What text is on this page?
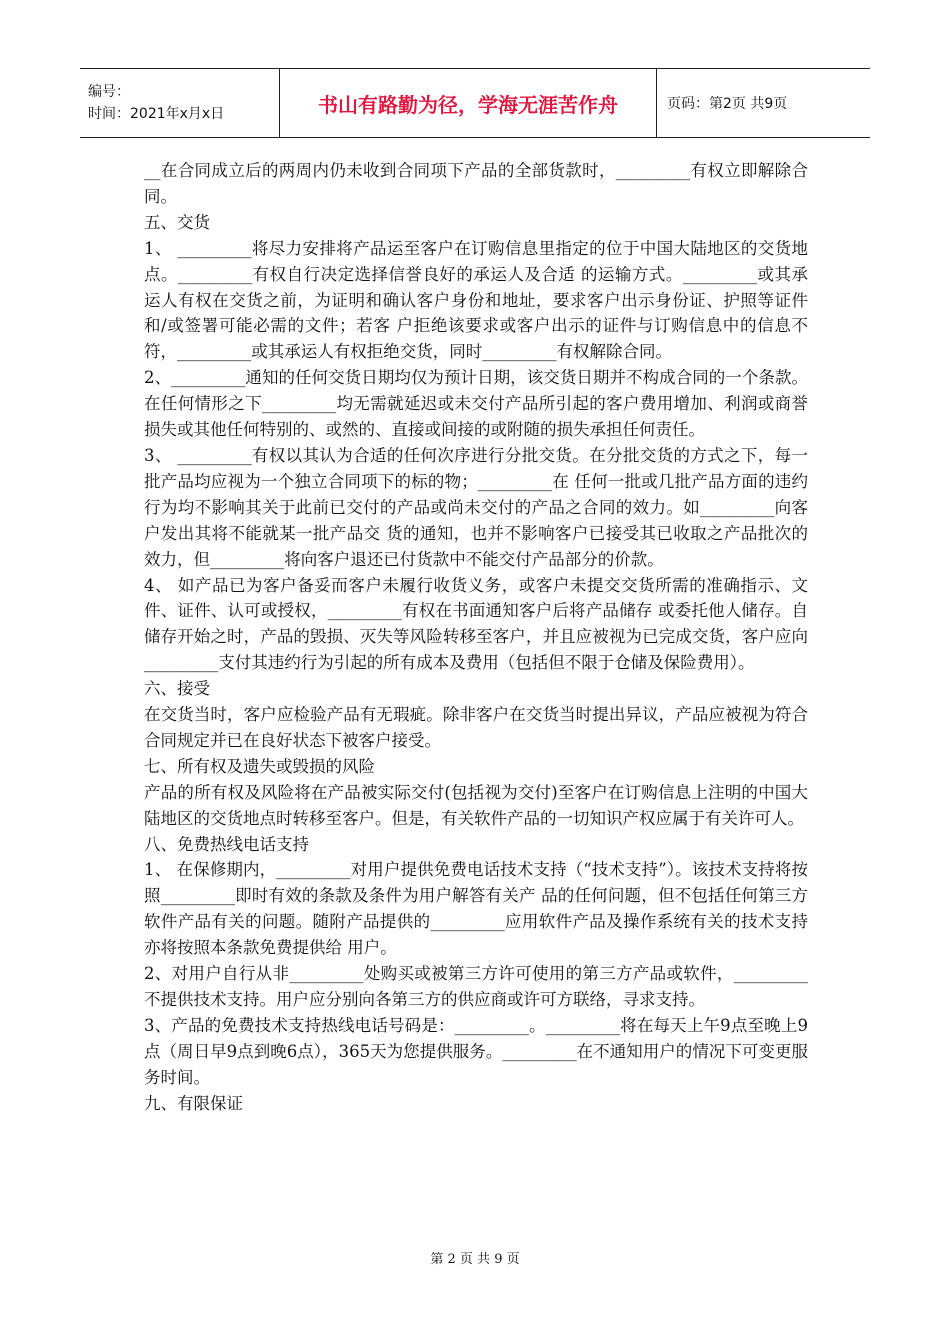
编号：
时间：2021年x月x日	书山有路勤为径，学海无涯苦作舟	页码：第2页 共9页

__在合同成立后的两周内仍未收到合同项下产品的全部货款时，_________有权立即解除合同。

五、交货

1、 _________将尽力安排将产品运至客户在订购信息里指定的位于中国大陆地区的交货地点。_________有权自行决定选择信誉良好的承运人及合适 的运输方式。_________或其承运人有权在交货之前，为证明和确认客户身份和地址，要求客户出示身份证、护照等证件和/或签署可能必需的文件；若客 户拒绝该要求或客户出示的证件与订购信息中的信息不符，_________或其承运人有权拒绝交货，同时_________有权解除合同。

2、_________通知的任何交货日期均仅为预计日期，该交货日期并不构成合同的一个条款。在任何情形之下_________均无需就延迟或未交付产品所引起的客户费用增加、利润或商誉损失或其他任何特别的、或然的、直接或间接的或附随的损失承担任何责任。

3、 _________有权以其认为合适的任何次序进行分批交货。在分批交货的方式之下，每一批产品均应视为一个独立合同项下的标的物；_________在 任何一批或几批产品方面的违约行为均不影响其关于此前已交付的产品或尚未交付的产品之合同的效力。如_________向客户发出其将不能就某一批产品交 货的通知，也并不影响客户已接受其已收取之产品批次的效力，但_________将向客户退还已付货款中不能交付产品部分的价款。

4、 如产品已为客户备妥而客户未履行收货义务，或客户未提交交货所需的准确指示、文件、证件、认可或授权，_________有权在书面通知客户后将产品储存 或委托他人储存。自储存开始之时，产品的毁损、灭失等风险转移至客户，并且应被视为已完成交货，客户应向_________支付其违约行为引起的所有成本及费用（包括但不限于仓储及保险费用）。

六、接受

在交货当时，客户应检验产品有无瑕疵。除非客户在交货当时提出异议，产品应被视为符合合同规定并已在良好状态下被客户接受。

七、所有权及遗失或毁损的风险

产品的所有权及风险将在产品被实际交付(包括视为交付)至客户在订购信息上注明的中国大陆地区的交货地点时转移至客户。但是，有关软件产品的一切知识产权应属于有关许可人。

八、免费热线电话支持

1、 在保修期内，_________对用户提供免费电话技术支持（“技术支持”）。该技术支持将按照_________即时有效的条款及条件为用户解答有关产 品的任何问题，但不包括任何第三方软件产品有关的问题。随附产品提供的_________应用软件产品及操作系统有关的技术支持亦将按照本条款免费提供给 用户。

2、对用户自行从非_________处购买或被第三方许可使用的第三方产品或软件，_________不提供技术支持。用户应分别向各第三方的供应商或许可方联络，寻求支持。

3、产品的免费技术支持热线电话号码是：_________。_________将在每天上午9点至晚上9点（周日早9点到晚6点），365天为您提供服务。_________在不通知用户的情况下可变更服务时间。

九、有限保证

第 2 页 共 9 页
